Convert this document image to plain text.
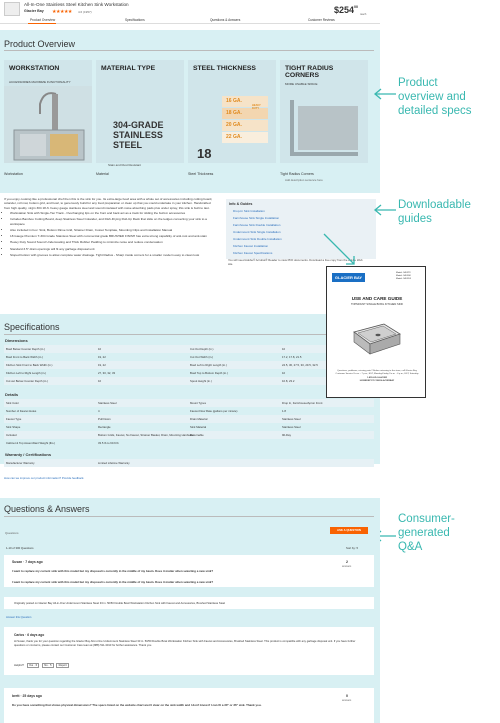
All-In-One Stainless Steel Kitchen Sink Workstation
Glacier Bay ★★★★★ 4.6 (1957)	$\$254^{00}$
/each
Product Overview	Specifications	Questions & Answers	Customer Reviews
Product Overview
WORKSTATION
ACCESSORIES MAXIMIZE FUNCTIONALITY
MATERIAL TYPE
304-GRADE STAINLESS STEEL
Stain and Rust Resistant
STEEL THICKNESS
16 GA.
18 GA.
20 GA.
22 GA.
HEAVY DUTY
18
TIGHT RADIUS CORNERS
MORE USABLE SPACE
Workstation	Material	Steel Thickness	Tight Radius Corners
Add description sentence here
If you enjoy cooking like a professional chef then this is the sink for you. Its extra-large bowl area with a whole set of accessories including cutting board, colander, roll mat, bottom grid, and bowl, to generously build for any food preparation or clean up that you could undertake in your kitchen. Handcrafted from high quality, virgin 304 18-ft. heavy gauge stainless steel and sound insulated with noise absorbing pads plus under spray, this sink is built to last.
• Workstation Sink with Single-Tier Track - Overhanging lips on the front and back act as a track for sliding the built-in accessories
• Includes Bamboo Cutting Board, deep Stainless Steel Colander, and Dish-Drying Roll-Up Rack that slide on the ledges converting your sink to a workspace
• Also included in box: Sink, Bottom Rinse Grid, Strainer Drain, Cutout Template, Mounting Clips and Installation Manual
• 18 Gauge Premium T-304 Grade Stainless Steel with commercial grade BRUSHED FINISH has extra strong capability of anti-rust and anti-stain
• Heavy Duty Sound Sound Undercoating and Thick Rubber Padding to minimize noise and reduce condensation
• Standard 3.5" drain openings will fit any garbage disposal unit
• Sloped bottom with grooves to allow complete water drainage. Tight Radius - Sharp inside corners for a smaller modern easy to clean look
Info & Guides
Drop-In Sink Installation
Farmhouse Sink Single Installation
Farmhouse Sink Double Installation
Undermount Sink Single Installation
Undermount Sink Double Installation
Kitchen Faucet Installation
Kitchen Faucet Specifications
You will need Adobe® Acrobat® Reader to view PDF documents. Download a free copy from the Adobe Web site.
Specifications
Dimensions
Bowl Below Counter Depth (in.)	10	Cut Out Depth (in.)	10
Bowl Front to Back Width (in.)	19, 22	Cut Out Width (in.)	17.2, 17.8, 21.5
Kitchen Sink Front to Back Width (in.)	19, 22	Bowl Left to Right Length (in.)	24.5, 30, 27.5, 30, 29.5, 32.5
Kitchen Left to Right Length (in.)	27, 30, 32, 33	Bowl Top to Bottom Depth (in.)	10
Cut out Below Counter Depth (in.)	10	Spout Height (in.)	10.8, 23.2
Details
Sink Color	Stainless Steel	Mount Types	Drop In, Farmhouse/Apron Front
Number of Faucet Holes	4	Faucet Flow Rate (gallons per minute)	1.8
Faucet Type	Pull Down	Drain Material	Stainless Steel
Sink Shape	Rectangle	Sink Material	Stainless Steel
Included	Bottom Grids, Faucet, No Faucet, Strainer Basket, Drain, Mounting Hardware
Returnable	90-Day
Cabinet & Top Assemblant Weight (lbs.)	33.5 lb to 60.9 lb
Warranty / Certifications
Manufacturer Warranty	Limited Lifetime Warranty
How can we improve our product information? Provide feedback.
GLACIER BAY
Model #HD3TF
Model #HD3SF
Model #HD3DF
USE AND CARE GUIDE
TOPMOUNT SINGLE BOWL KITCHEN SINK
Questions, problems, missing parts? Before returning to the store, call Glacier Bay Customer Service 8 a.m. - 7 p.m., EST, Monday-Friday 9 a.m. - 6 p.m., EST, Saturday
1-855-HD-GLACIER
HOMEDEPOT.COM/GLACIERBAY
Product
overview and
detailed specs
Downloadable
guides
Consumer-
generated
Q&A
Questions & Answers
Questions
ASK A QUESTION
1-10 of 300 Questions	Sort by: ▾
Susan · 7 days ago
I want to replace my current sink with this model but my disposal is currently in the middle of my basin. Does it matter when selecting a new sink?
2
answers
I want to replace my current sink with this model but my disposal is currently in the middle of my basin. Does it matter when selecting a new sink?
Originally posted on Glacier Bay All-in-One Undermount Stainless Steel 33 in. 50/50 Double Bowl Workstation Kitchen Sink with Faucet and Accessories, Brushed Stainless Steel
Answer this Question
Carlos · 6 days ago
Hi Susan, thank you for your question regarding the Glacier Bay All-in-One Undermount Stainless Steel 33 in. 50/50 Double Bowl Workstation Kitchen Sink with Faucet and Accessories, Brushed Stainless Steel. This product is compatible with any garbage disposal unit. If you have further questions or concerns, please contact our Customer Care team at (888) 511-3013 for further assistance. Thank you.
Helpful? Yes · 6	No · 5	Report
brett · 25 days ago
Do you have something that shows physical dimensions? The specs listed on the website chart aren't clear on the sink width and I don't know if I can fit a 30" or 36" sink. Thank you.
0
answers
